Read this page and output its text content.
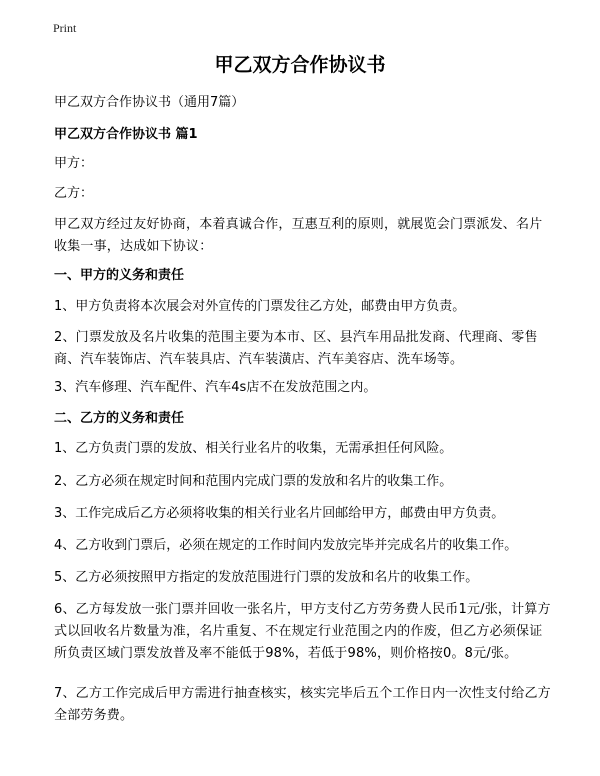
Print
甲乙双方合作协议书
甲乙双方合作协议书（通用7篇）
甲乙双方合作协议书 篇1
甲方：
乙方：
甲乙双方经过友好协商，本着真诚合作，互惠互利的原则，就展览会门票派发、名片收集一事，达成如下协议：
一、甲方的义务和责任
1、甲方负责将本次展会对外宣传的门票发往乙方处，邮费由甲方负责。
2、门票发放及名片收集的范围主要为本市、区、县汽车用品批发商、代理商、零售商、汽车装饰店、汽车装具店、汽车装潢店、汽车美容店、洗车场等。
3、汽车修理、汽车配件、汽车4s店不在发放范围之内。
二、乙方的义务和责任
1、乙方负责门票的发放、相关行业名片的收集，无需承担任何风险。
2、乙方必须在规定时间和范围内完成门票的发放和名片的收集工作。
3、工作完成后乙方必须将收集的相关行业名片回邮给甲方，邮费由甲方负责。
4、乙方收到门票后，必须在规定的工作时间内发放完毕并完成名片的收集工作。
5、乙方必须按照甲方指定的发放范围进行门票的发放和名片的收集工作。
6、乙方每发放一张门票并回收一张名片，甲方支付乙方劳务费人民币1元/张，计算方式以回收名片数量为准，名片重复、不在规定行业范围之内的作废，但乙方必须保证所负责区域门票发放普及率不能低于98%，若低于98%，则价格按0。8元/张。
7、乙方工作完成后甲方需进行抽查核实，核实完毕后五个工作日内一次性支付给乙方全部劳务费。
